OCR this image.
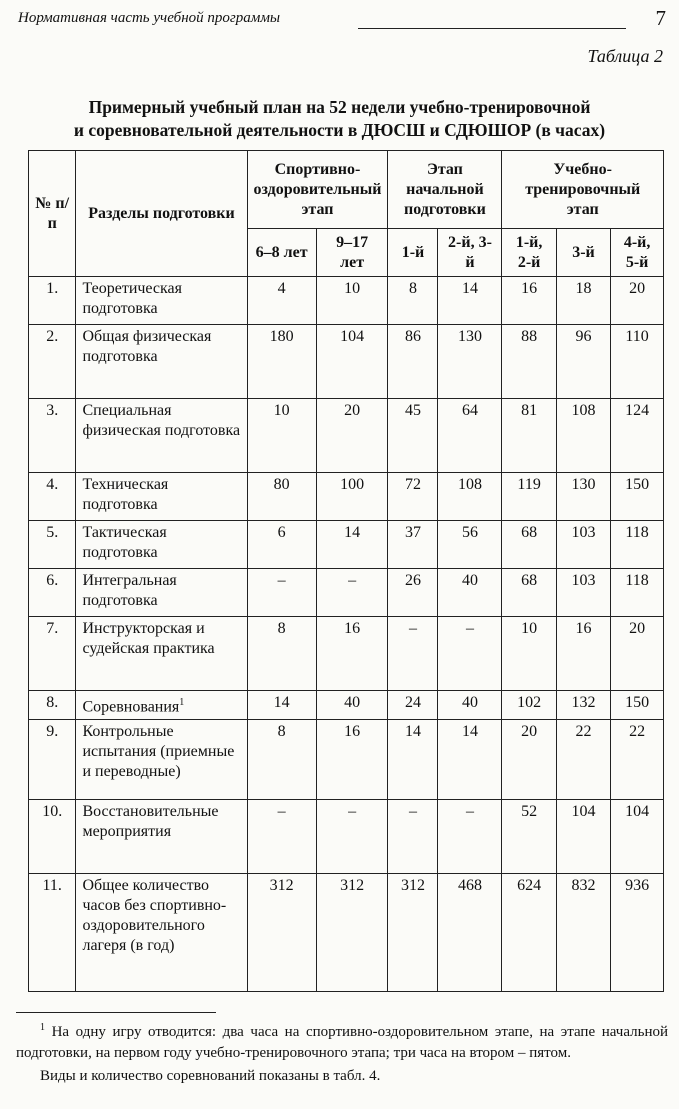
Нормативная часть учебной программы	7
Таблица 2
Примерный учебный план на 52 недели учебно-тренировочной
и соревновательной деятельности в ДЮСШ и СДЮШОР (в часах)
№ п/п	Разделы подготовки	Спортивно-оздоровительный этап		Этап начальной подготовки		Учебно-тренировочный этап		
		6–8 лет	9–17 лет	1-й	2-й, 3-й	1-й, 2-й	3-й	4-й, 5-й
1.	Теоретическая подготовка	4	10	8	14	16	18	20
2.	Общая физическая подготовка	180	104	86	130	88	96	110
3.	Специальная физическая подготовка	10	20	45	64	81	108	124
4.	Техническая подготовка	80	100	72	108	119	130	150
5.	Тактическая подготовка	6	14	37	56	68	103	118
6.	Интегральная подготовка	–	–	26	40	68	103	118
7.	Инструкторская и судейская практика	8	16	–	–	10	16	20
8.	Соревнования$^1$	14	40	24	40	102	132	150
9.	Контрольные испытания (приемные и переводные)	8	16	14	14	20	22	22
10.	Восстановительные мероприятия	–	–	–	–	52	104	104
11.	Общее количество часов без спортивно-оздоровительного лагеря (в год)	312	312	312	468	624	832	936

$^1$ На одну игру отводится: два часа на спортивно-оздоровительном этапе, на этапе начальной подготовки, на первом году учебно-тренировочного этапа; три часа на втором – пятом.

Виды и количество соревнований показаны в табл. 4.
